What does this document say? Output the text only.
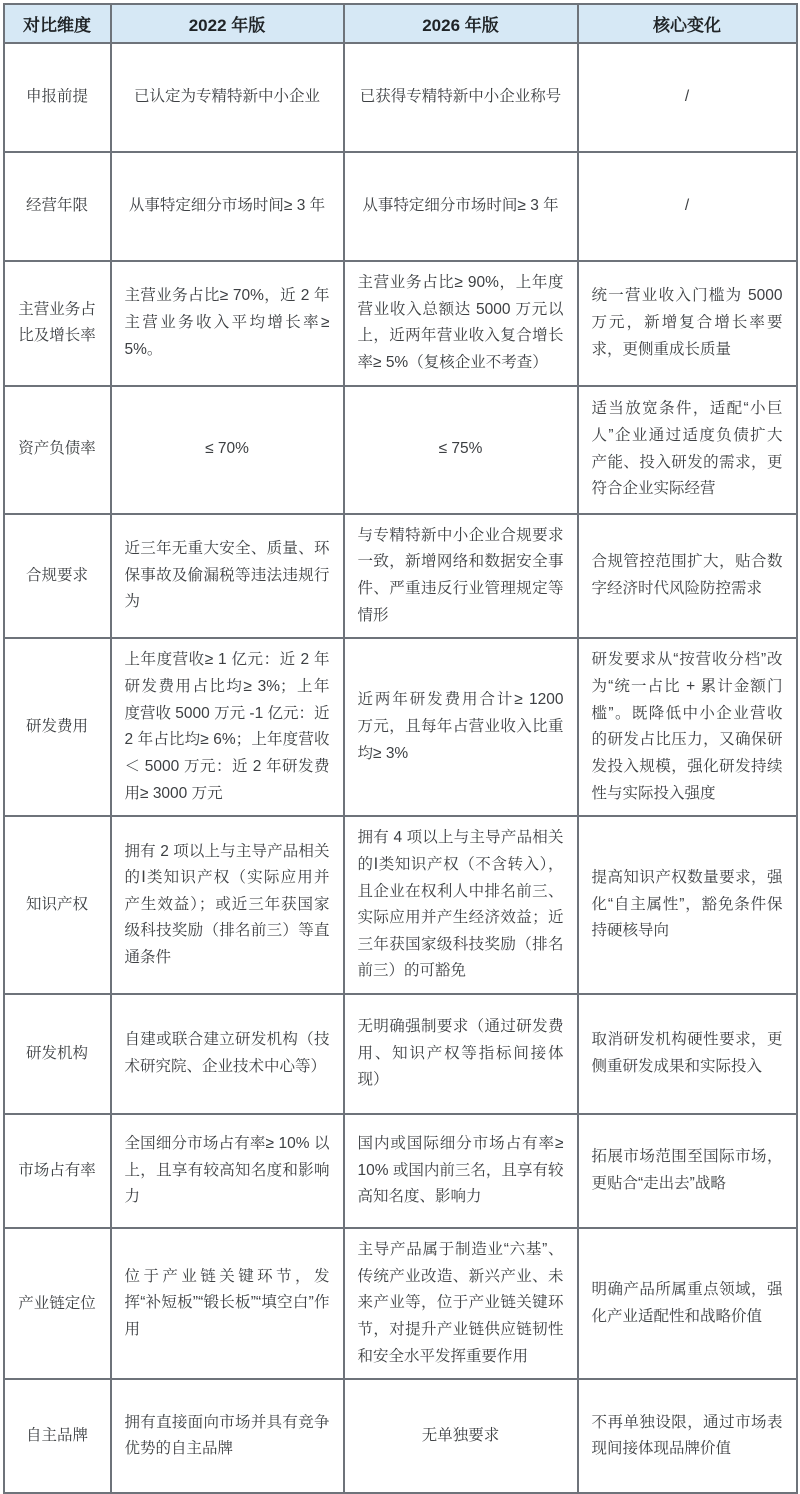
对比维度	2022 年版	2026 年版	核心变化
申报前提	已认定为专精特新中小企业	已获得专精特新中小企业称号	/
经营年限	从事特定细分市场时间≥ 3 年	从事特定细分市场时间≥ 3 年	/
主营业务占比及增长率	主营业务占比≥ 70%，近 2 年主营业务收入平均增长率≥ 5%。	主营业务占比≥ 90%，上年度营业收入总额达 5000 万元以上，近两年营业收入复合增长率≥ 5%（复核企业不考查）	统一营业收入门槛为 5000 万元，新增复合增长率要求，更侧重成长质量
资产负债率	≤ 70%	≤ 75%	适当放宽条件，适配“小巨人”企业通过适度负债扩大产能、投入研发的需求，更符合企业实际经营
合规要求	近三年无重大安全、质量、环保事故及偷漏税等违法违规行为	与专精特新中小企业合规要求一致，新增网络和数据安全事件、严重违反行业管理规定等情形	合规管控范围扩大，贴合数字经济时代风险防控需求
研发费用	上年度营收≥ 1 亿元：近 2 年研发费用占比均≥ 3%；上年度营收 5000 万元 -1 亿元：近 2 年占比均≥ 6%；上年度营收＜ 5000 万元：近 2 年研发费用≥ 3000 万元	近两年研发费用合计≥ 1200 万元，且每年占营业收入比重均≥ 3%	研发要求从“按营收分档”改为“统一占比 + 累计金额门槛”。既降低中小企业营收的研发占比压力，又确保研发投入规模，强化研发持续性与实际投入强度
知识产权	拥有 2 项以上与主导产品相关的Ⅰ类知识产权（实际应用并产生效益）；或近三年获国家级科技奖励（排名前三）等直通条件	拥有 4 项以上与主导产品相关的Ⅰ类知识产权（不含转入），且企业在权利人中排名前三、实际应用并产生经济效益；近三年获国家级科技奖励（排名前三）的可豁免	提高知识产权数量要求，强化“自主属性”，豁免条件保持硬核导向
研发机构	自建或联合建立研发机构（技术研究院、企业技术中心等）	无明确强制要求（通过研发费用、知识产权等指标间接体现）	取消研发机构硬性要求，更侧重研发成果和实际投入
市场占有率	全国细分市场占有率≥ 10% 以上，且享有较高知名度和影响力	国内或国际细分市场占有率≥ 10% 或国内前三名，且享有较高知名度、影响力	拓展市场范围至国际市场，更贴合“走出去”战略
产业链定位	位于产业链关键环节，发挥“补短板”“锻长板”“填空白”作用	主导产品属于制造业“六基”、传统产业改造、新兴产业、未来产业等，位于产业链关键环节，对提升产业链供应链韧性和安全水平发挥重要作用	明确产品所属重点领域，强化产业适配性和战略价值
自主品牌	拥有直接面向市场并具有竞争优势的自主品牌	无单独要求	不再单独设限，通过市场表现间接体现品牌价值
